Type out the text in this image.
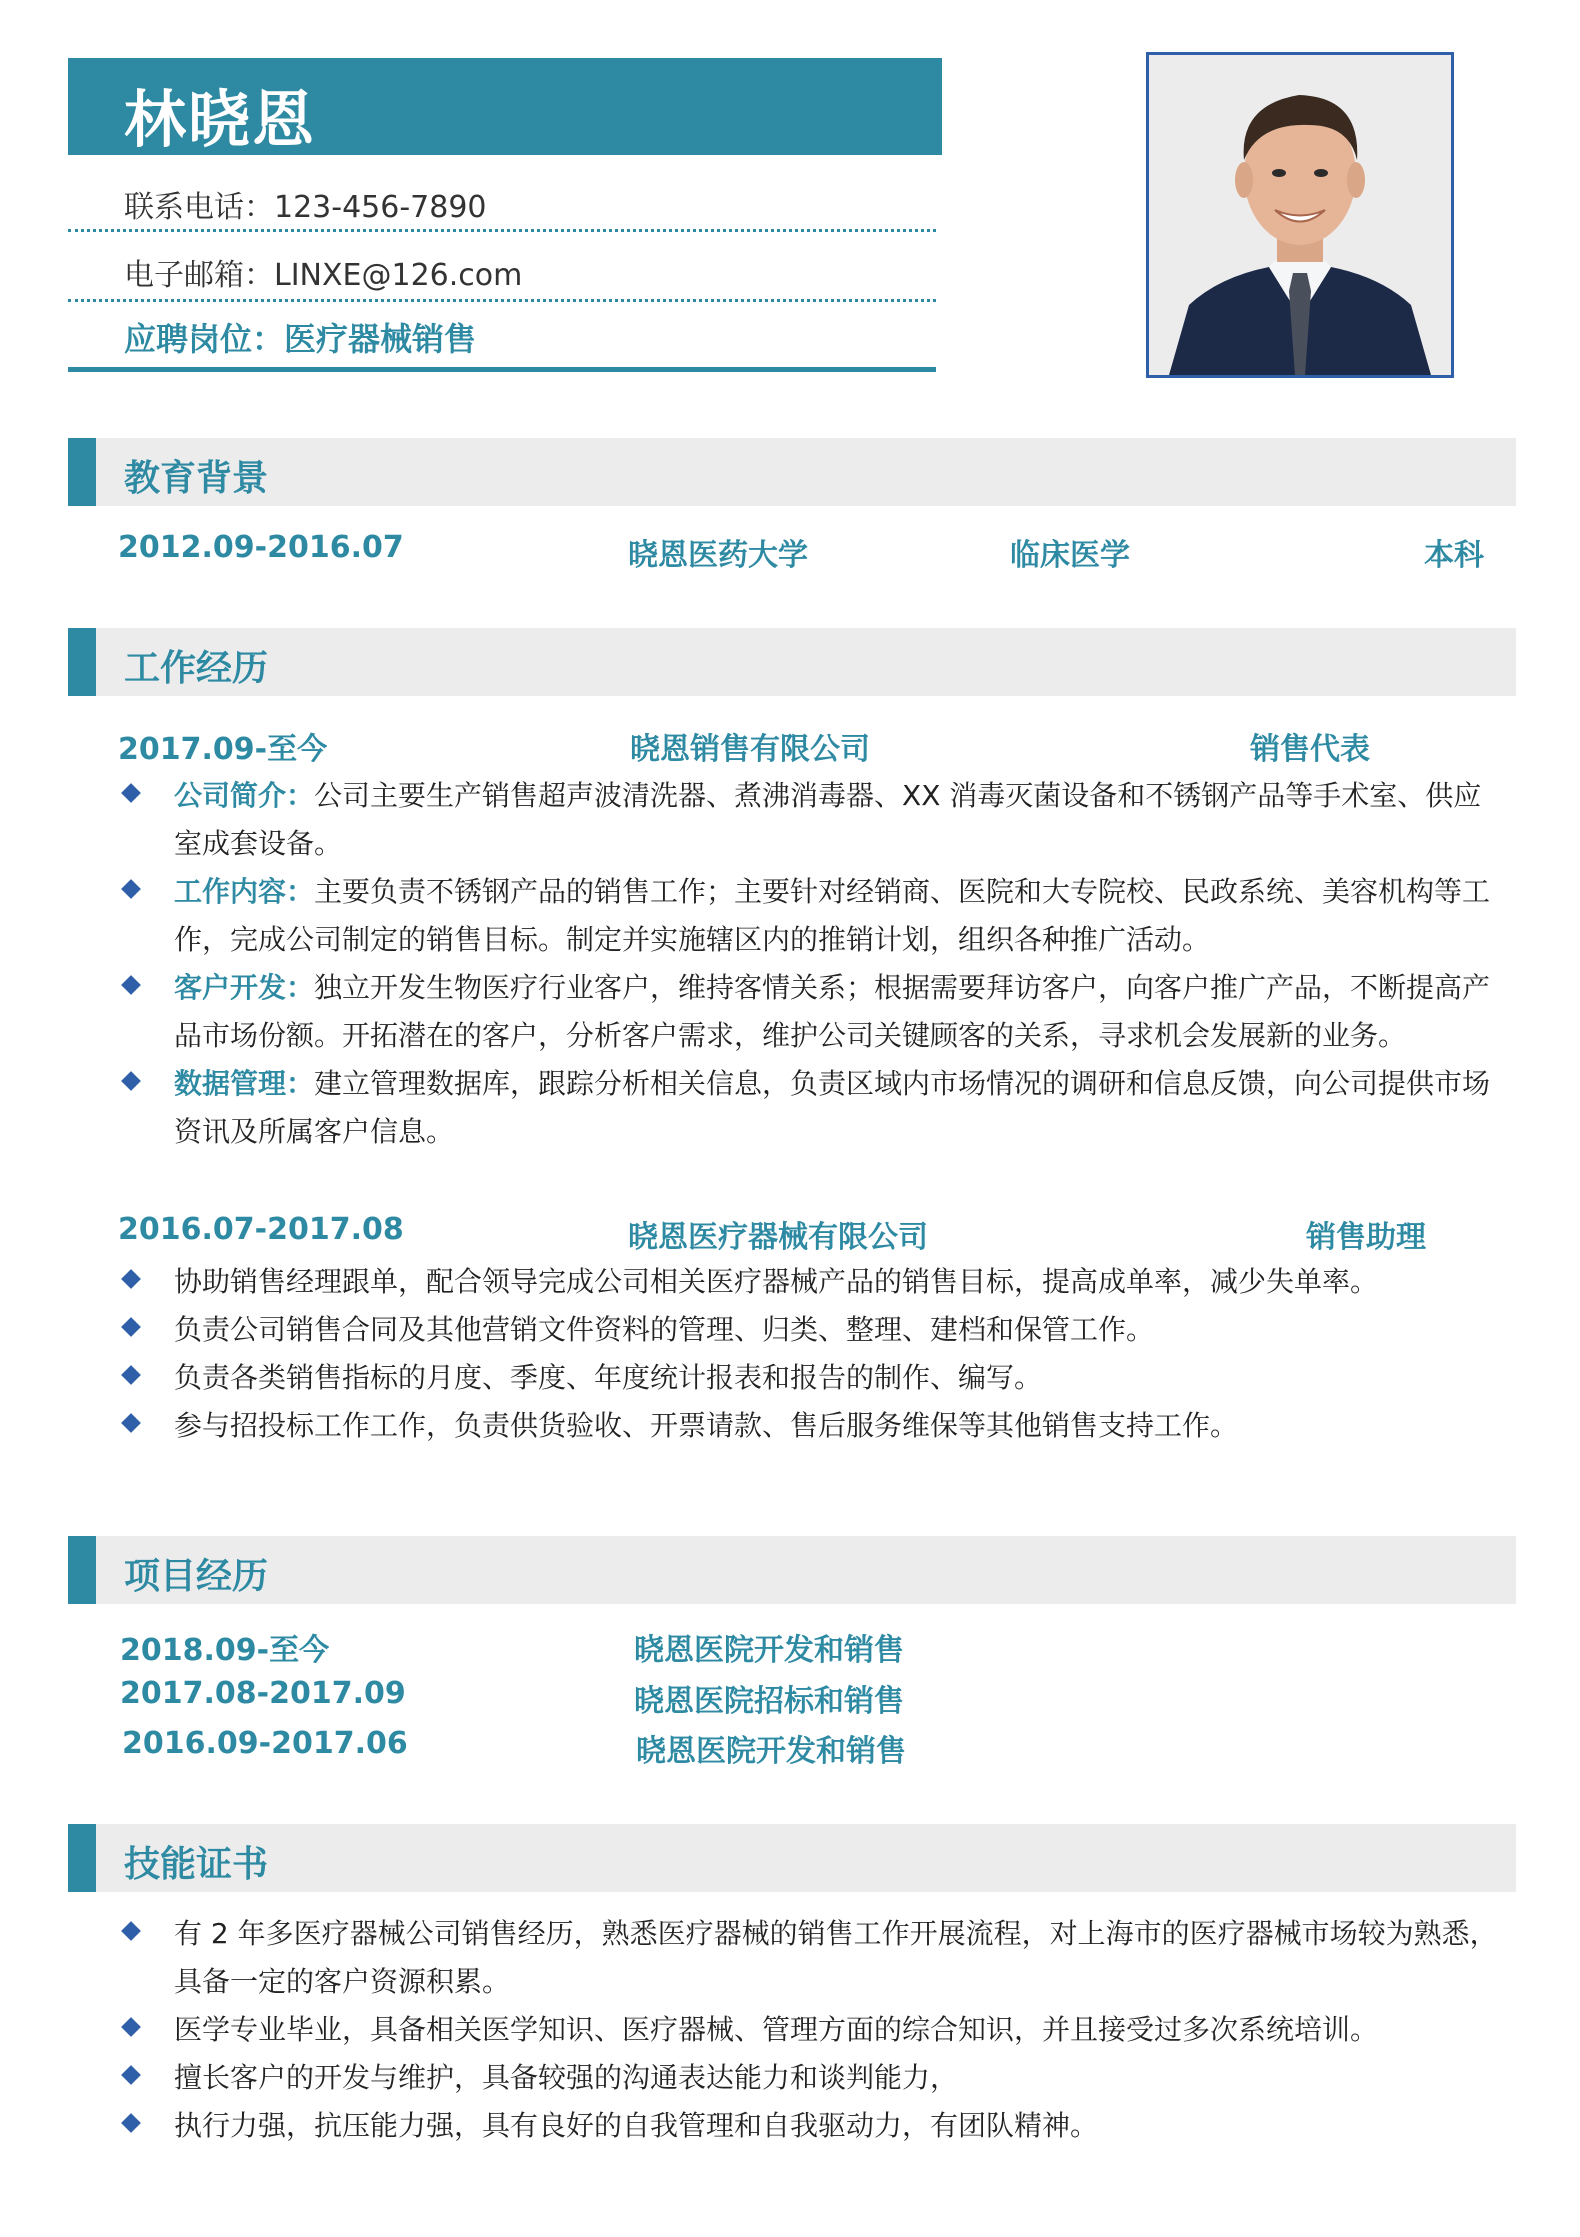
林晓恩
联系电话：123-456-7890
电子邮箱：LINXE@126.com
应聘岗位：医疗器械销售
教育背景
2012.09-2016.07	晓恩医药大学	临床医学	本科
工作经历
2017.09-至今	晓恩销售有限公司	销售代表
公司简介：公司主要生产销售超声波清洗器、煮沸消毒器、XX 消毒灭菌设备和不锈钢产品等手术室、供应室成套设备。
工作内容：主要负责不锈钢产品的销售工作；主要针对经销商、医院和大专院校、民政系统、美容机构等工作，完成公司制定的销售目标。制定并实施辖区内的推销计划，组织各种推广活动。
客户开发：独立开发生物医疗行业客户，维持客情关系；根据需要拜访客户，向客户推广产品，不断提高产品市场份额。开拓潜在的客户，分析客户需求，维护公司关键顾客的关系，寻求机会发展新的业务。
数据管理：建立管理数据库，跟踪分析相关信息，负责区域内市场情况的调研和信息反馈，向公司提供市场资讯及所属客户信息。
2016.07-2017.08	晓恩医疗器械有限公司	销售助理
协助销售经理跟单，配合领导完成公司相关医疗器械产品的销售目标，提高成单率，减少失单率。
负责公司销售合同及其他营销文件资料的管理、归类、整理、建档和保管工作。
负责各类销售指标的月度、季度、年度统计报表和报告的制作、编写。
参与招投标工作工作，负责供货验收、开票请款、售后服务维保等其他销售支持工作。
项目经历
2018.09-至今	晓恩医院开发和销售
2017.08-2017.09	晓恩医院招标和销售
2016.09-2017.06	晓恩医院开发和销售
技能证书
有 2 年多医疗器械公司销售经历，熟悉医疗器械的销售工作开展流程，对上海市的医疗器械市场较为熟悉，具备一定的客户资源积累。
医学专业毕业，具备相关医学知识、医疗器械、管理方面的综合知识，并且接受过多次系统培训。
擅长客户的开发与维护，具备较强的沟通表达能力和谈判能力，
执行力强，抗压能力强，具有良好的自我管理和自我驱动力，有团队精神。
